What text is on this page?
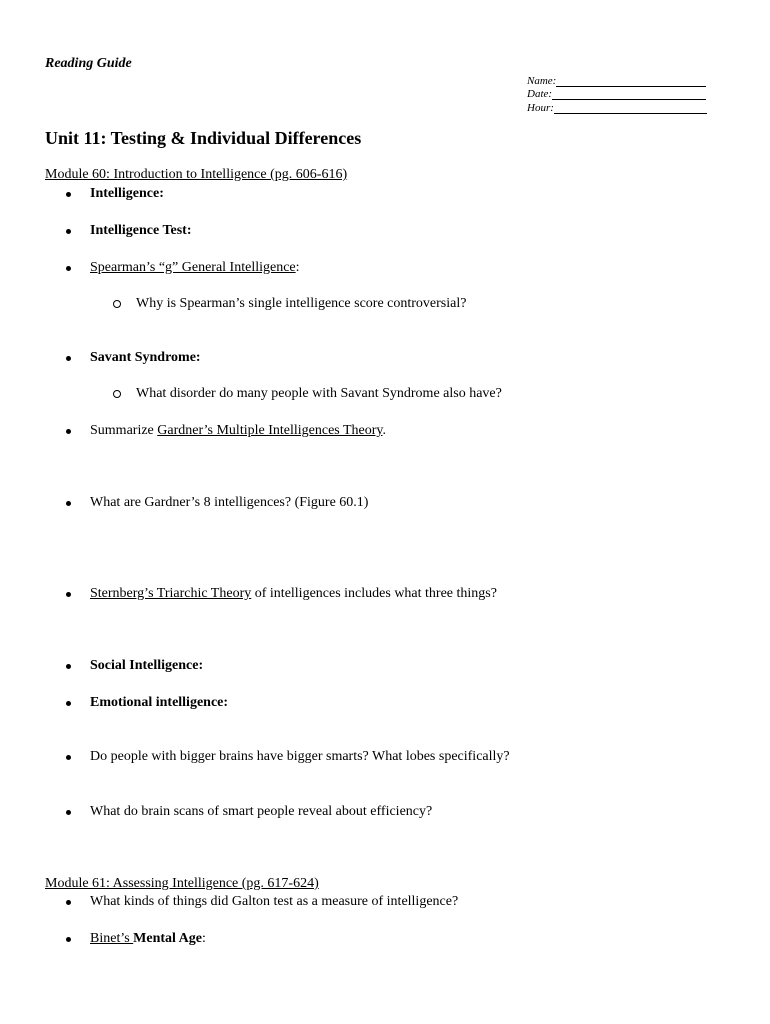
Reading Guide
Name:
Date:
Hour:
Unit 11: Testing & Individual Differences
Module 60: Introduction to Intelligence (pg. 606-616)
Intelligence:
Intelligence Test:
Spearman’s “g” General Intelligence:
Why is Spearman’s single intelligence score controversial?
Savant Syndrome:
What disorder do many people with Savant Syndrome also have?
Summarize Gardner’s Multiple Intelligences Theory.
What are Gardner’s 8 intelligences? (Figure 60.1)
Sternberg’s Triarchic Theory of intelligences includes what three things?
Social Intelligence:
Emotional intelligence:
Do people with bigger brains have bigger smarts? What lobes specifically?
What do brain scans of smart people reveal about efficiency?
Module 61: Assessing Intelligence (pg. 617-624)
What kinds of things did Galton test as a measure of intelligence?
Binet’s Mental Age:
